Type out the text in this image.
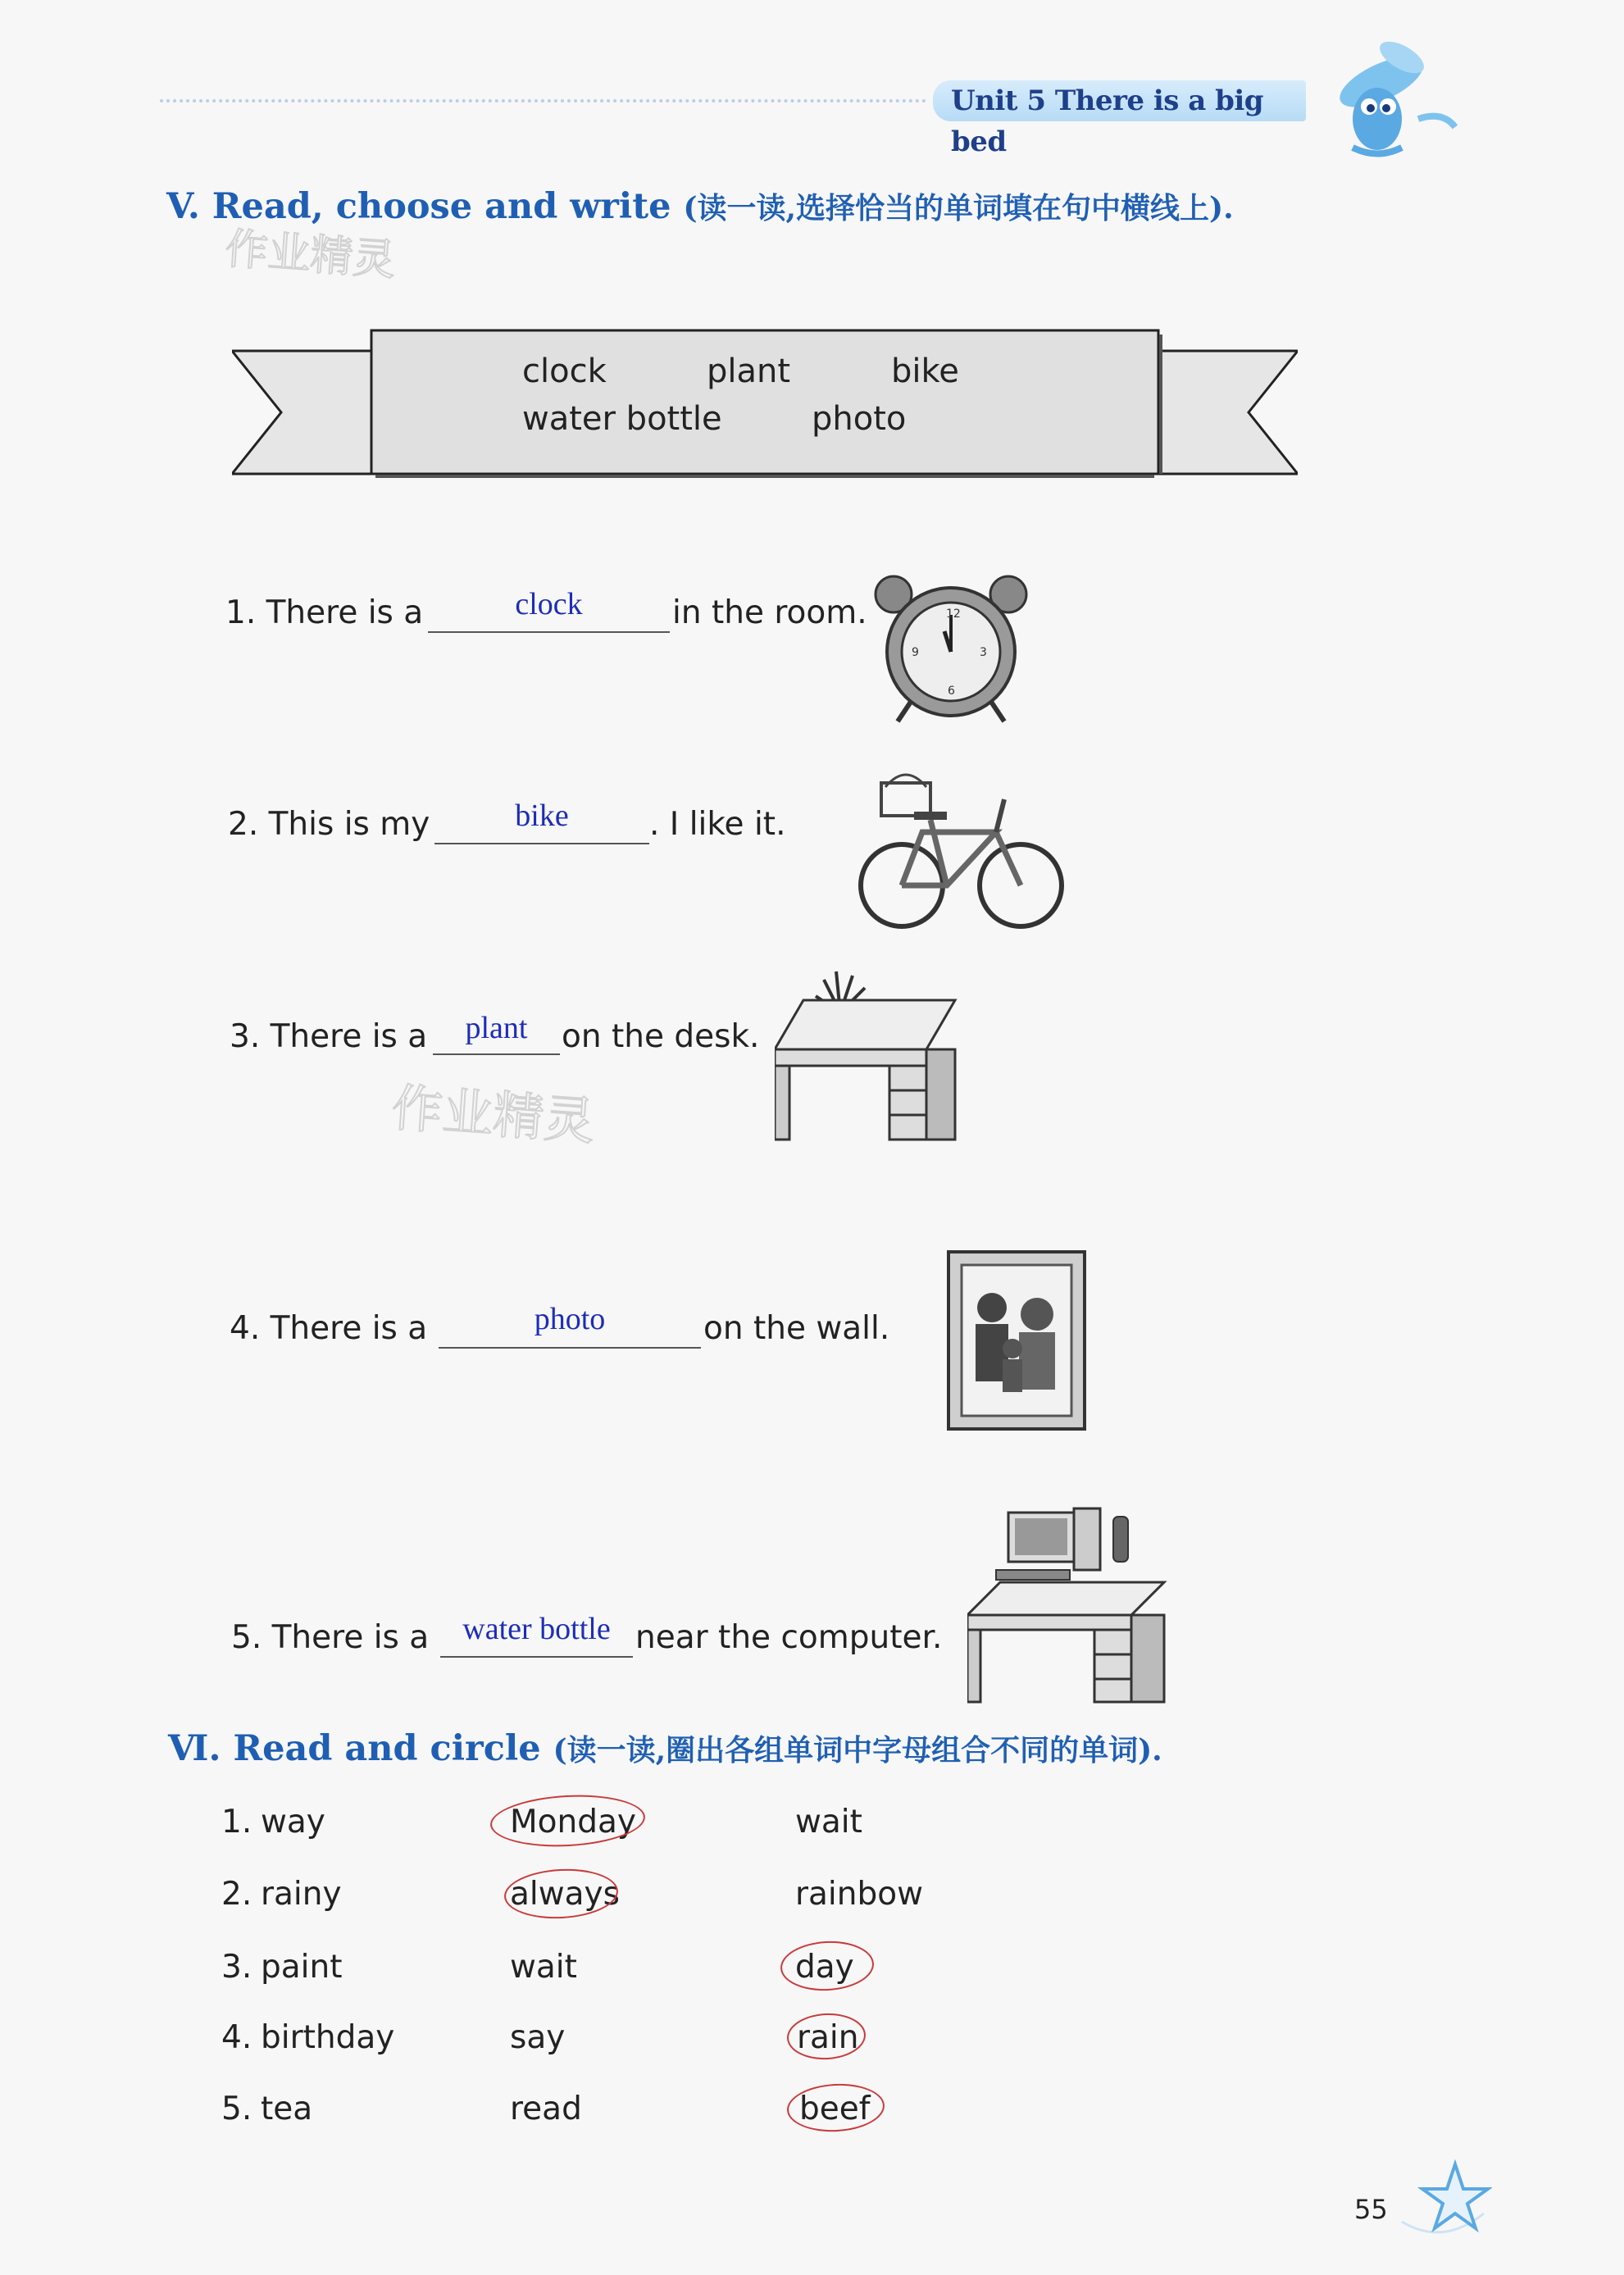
Unit 5 There is a big bed
V. Read, choose and write (读一读,选择恰当的单词填在句中横线上).
作业精灵
clock	plant	bike
water bottle	photo
1. There is a	clock	in the room.	12
3
6
9
2. This is my	bike	. I like it.
3. There is a	plant	on the desk.
作业精灵
4. There is a	photo	on the wall.
5. There is a	water bottle near the computer.
Ⅵ. Read and circle (读一读,圈出各组单词中字母组合不同的单词).
1. way	Monday	wait
2. rainy	always	rainbow
3. paint	wait	day
4. birthday	say	rain
5. tea	read	beef
55
